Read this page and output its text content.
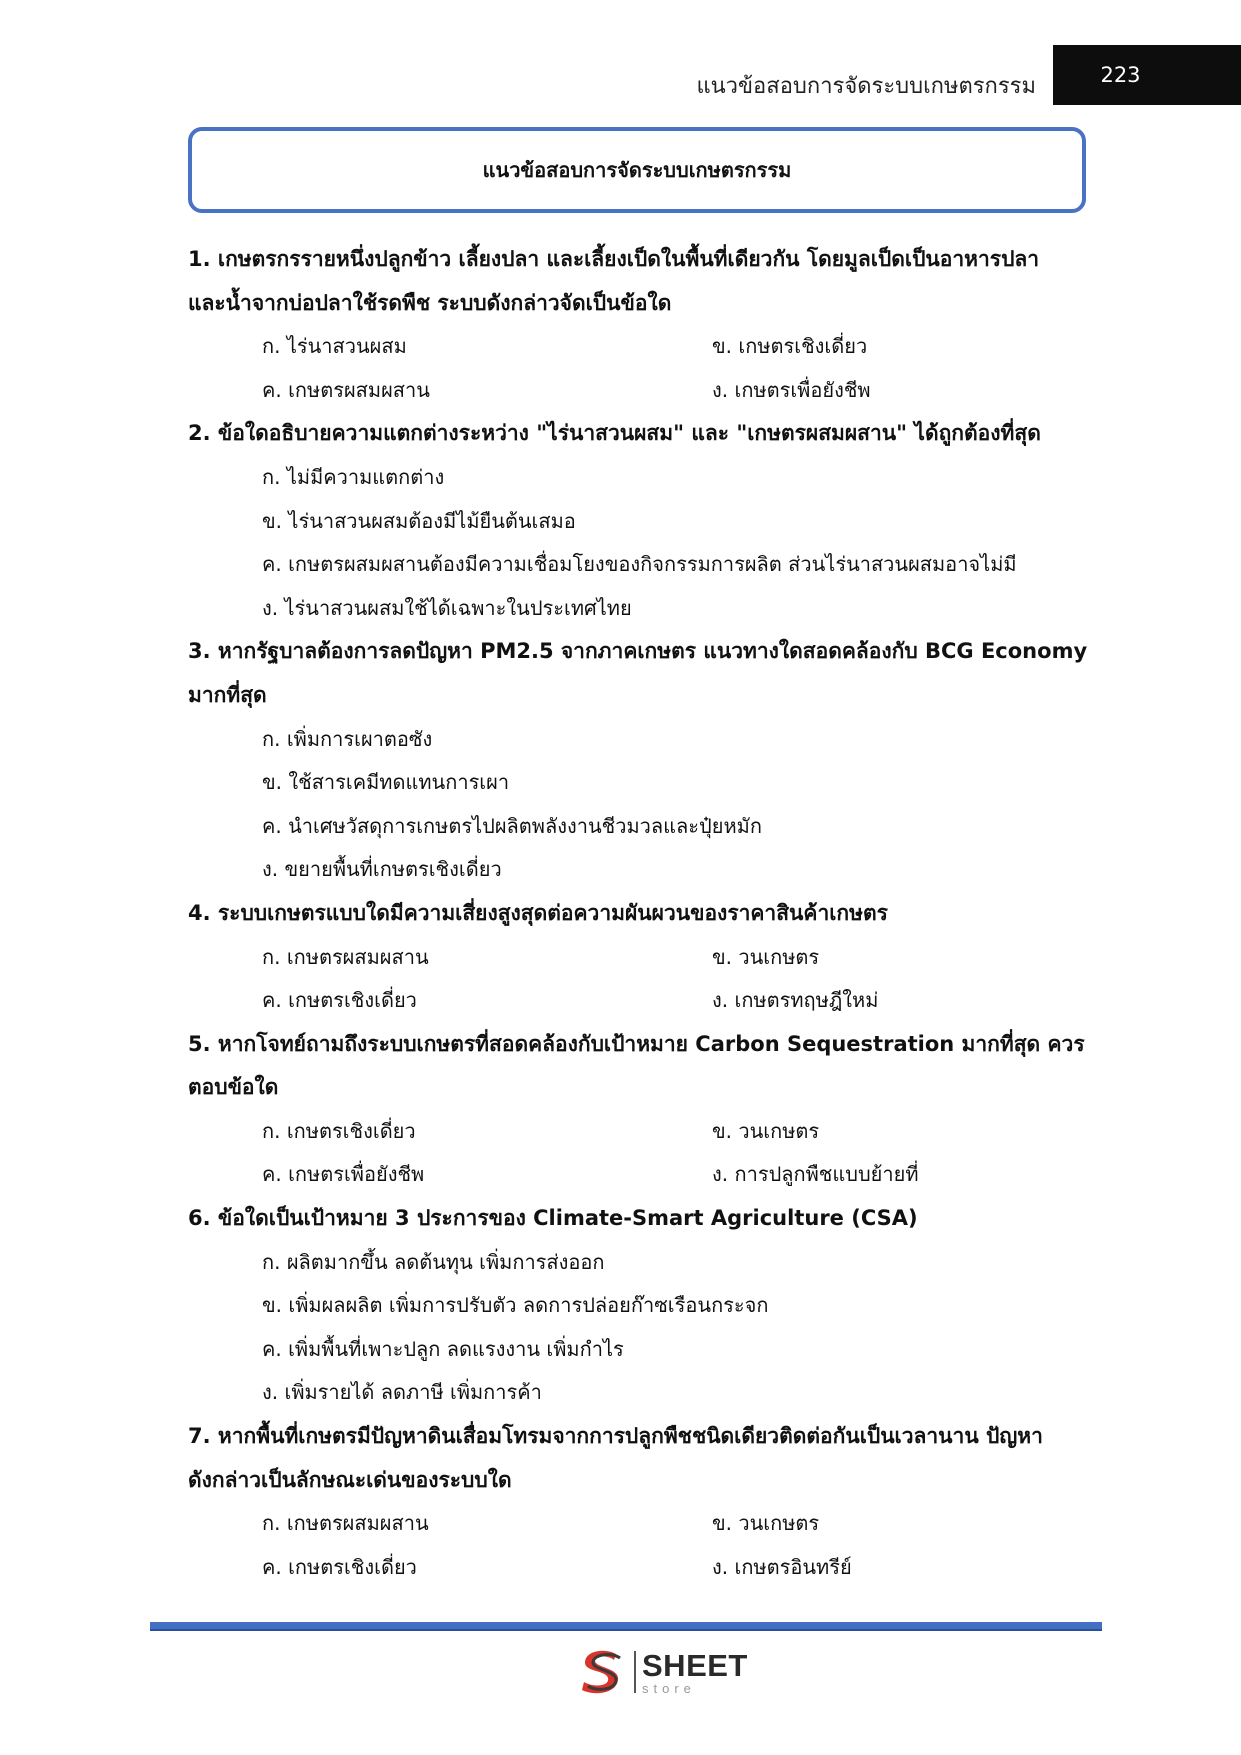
แนวข้อสอบการจัดระบบเกษตรกรรม	223
แนวข้อสอบการจัดระบบเกษตรกรรม

1. เกษตรกรรายหนึ่งปลูกข้าว เลี้ยงปลา และเลี้ยงเป็ดในพื้นที่เดียวกัน โดยมูลเป็ดเป็นอาหารปลา

และน้ำจากบ่อปลาใช้รดพืช ระบบดังกล่าวจัดเป็นข้อใด

ก. ไร่นาสวนผสม	ข. เกษตรเชิงเดี่ยว
ค. เกษตรผสมผสาน	ง. เกษตรเพื่อยังชีพ

2. ข้อใดอธิบายความแตกต่างระหว่าง "ไร่นาสวนผสม" และ "เกษตรผสมผสาน" ได้ถูกต้องที่สุด

ก. ไม่มีความแตกต่าง
ข. ไร่นาสวนผสมต้องมีไม้ยืนต้นเสมอ
ค. เกษตรผสมผสานต้องมีความเชื่อมโยงของกิจกรรมการผลิต ส่วนไร่นาสวนผสมอาจไม่มี
ง. ไร่นาสวนผสมใช้ได้เฉพาะในประเทศไทย

3. หากรัฐบาลต้องการลดปัญหา PM2.5 จากภาคเกษตร แนวทางใดสอดคล้องกับ BCG Economy

มากที่สุด

ก. เพิ่มการเผาตอซัง
ข. ใช้สารเคมีทดแทนการเผา
ค. นำเศษวัสดุการเกษตรไปผลิตพลังงานชีวมวลและปุ๋ยหมัก
ง. ขยายพื้นที่เกษตรเชิงเดี่ยว

4. ระบบเกษตรแบบใดมีความเสี่ยงสูงสุดต่อความผันผวนของราคาสินค้าเกษตร

ก. เกษตรผสมผสาน	ข. วนเกษตร
ค. เกษตรเชิงเดี่ยว	ง. เกษตรทฤษฎีใหม่

5. หากโจทย์ถามถึงระบบเกษตรที่สอดคล้องกับเป้าหมาย Carbon Sequestration มากที่สุด ควร

ตอบข้อใด

ก. เกษตรเชิงเดี่ยว	ข. วนเกษตร
ค. เกษตรเพื่อยังชีพ	ง. การปลูกพืชแบบย้ายที่

6. ข้อใดเป็นเป้าหมาย 3 ประการของ Climate-Smart Agriculture (CSA)

ก. ผลิตมากขึ้น ลดต้นทุน เพิ่มการส่งออก
ข. เพิ่มผลผลิต เพิ่มการปรับตัว ลดการปล่อยก๊าซเรือนกระจก
ค. เพิ่มพื้นที่เพาะปลูก ลดแรงงาน เพิ่มกำไร
ง. เพิ่มรายได้ ลดภาษี เพิ่มการค้า

7. หากพื้นที่เกษตรมีปัญหาดินเสื่อมโทรมจากการปลูกพืชชนิดเดียวติดต่อกันเป็นเวลานาน ปัญหา

ดังกล่าวเป็นลักษณะเด่นของระบบใด

ก. เกษตรผสมผสาน	ข. วนเกษตร
ค. เกษตรเชิงเดี่ยว	ง. เกษตรอินทรีย์
SHEET
store
